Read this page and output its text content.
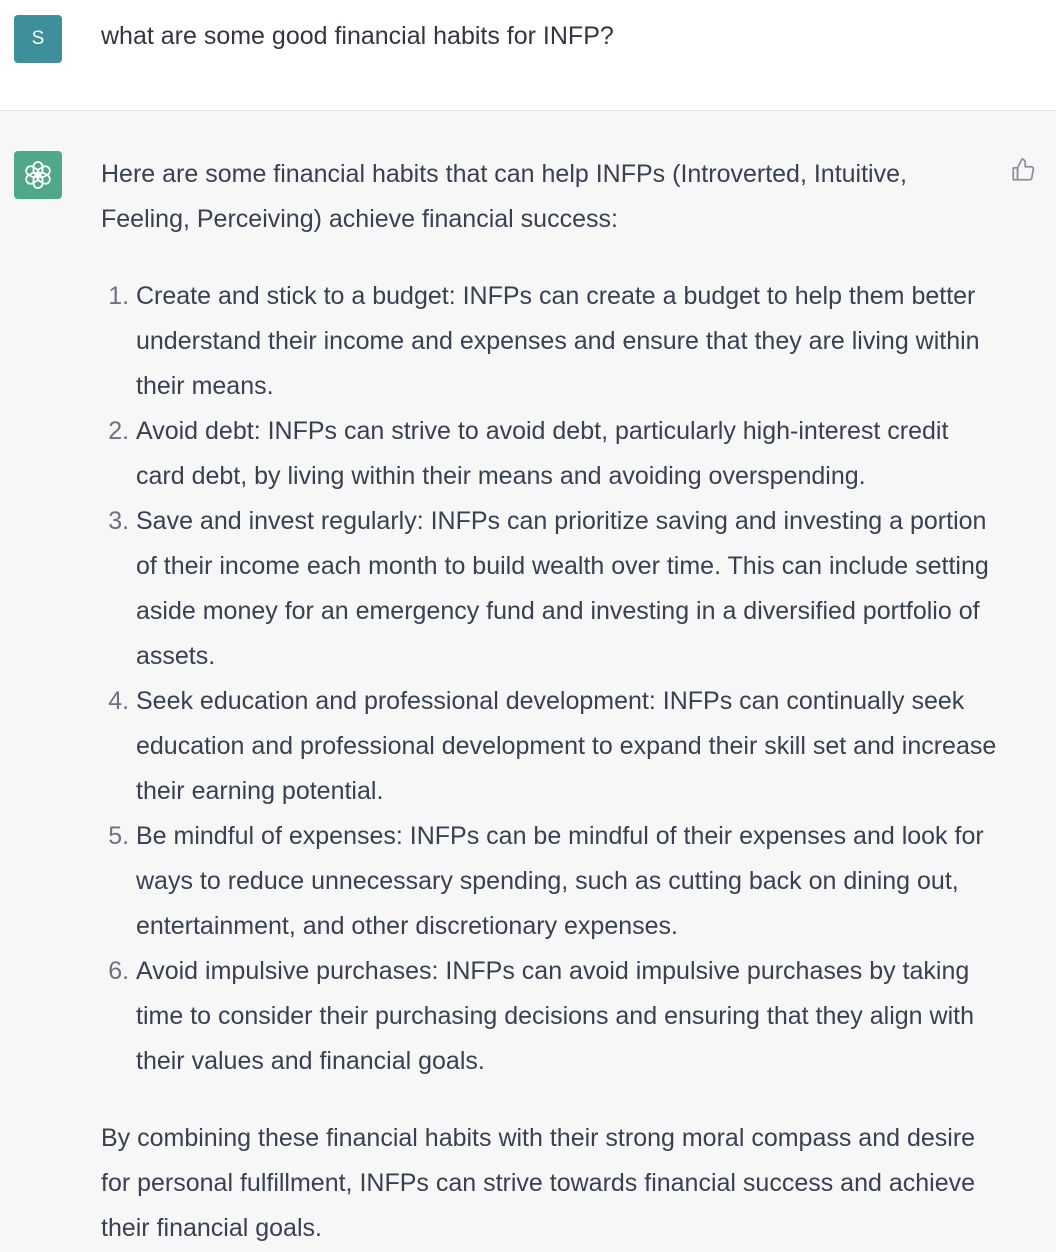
S what are some good financial habits for INFP?

Here are some financial habits that can help INFPs (Introverted, Intuitive, Feeling, Perceiving) achieve financial success:

1. Create and stick to a budget: INFPs can create a budget to help them better understand their income and expenses and ensure that they are living within their means.
2. Avoid debt: INFPs can strive to avoid debt, particularly high-interest credit card debt, by living within their means and avoiding overspending.
3. Save and invest regularly: INFPs can prioritize saving and investing a portion of their income each month to build wealth over time. This can include setting aside money for an emergency fund and investing in a diversified portfolio of assets.
4. Seek education and professional development: INFPs can continually seek education and professional development to expand their skill set and increase their earning potential.
5. Be mindful of expenses: INFPs can be mindful of their expenses and look for ways to reduce unnecessary spending, such as cutting back on dining out, entertainment, and other discretionary expenses.
6. Avoid impulsive purchases: INFPs can avoid impulsive purchases by taking time to consider their purchasing decisions and ensuring that they align with their values and financial goals.

By combining these financial habits with their strong moral compass and desire for personal fulfillment, INFPs can strive towards financial success and achieve their financial goals.
